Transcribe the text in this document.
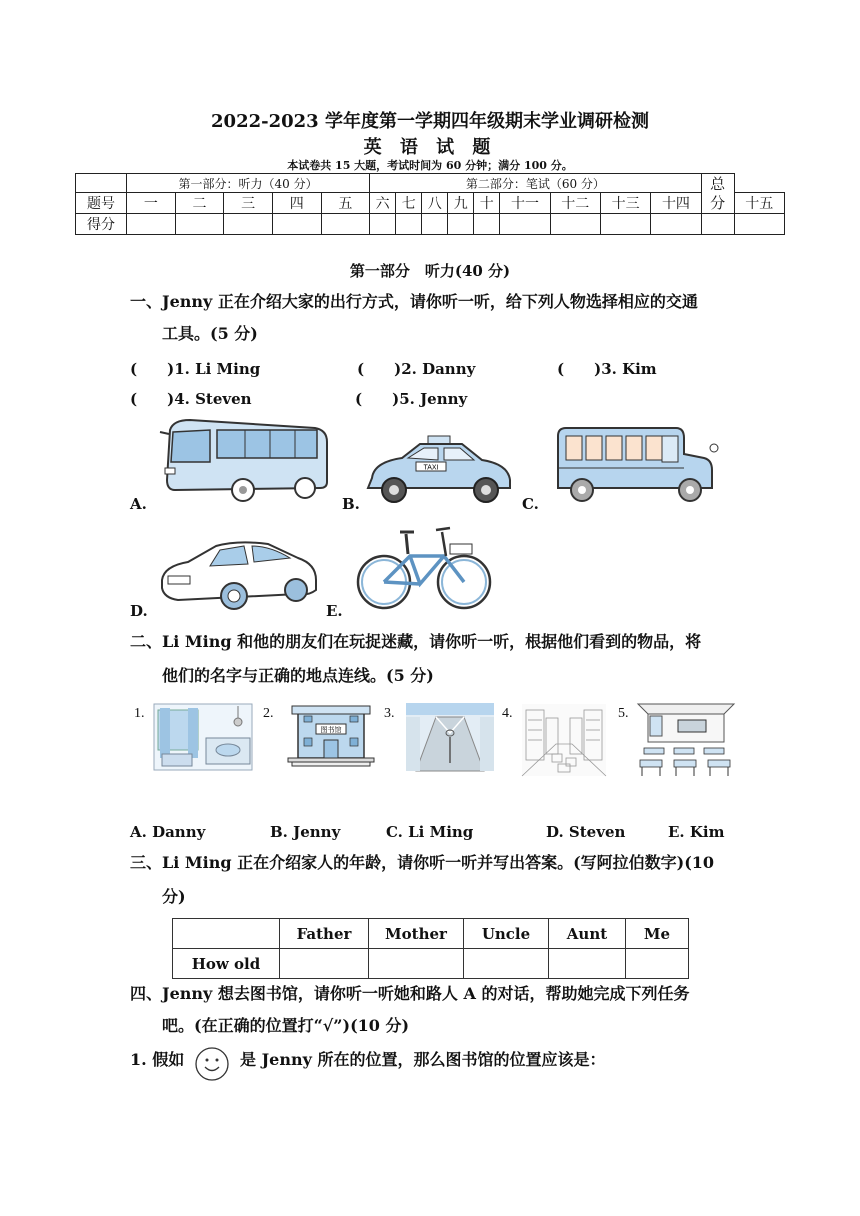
2022-2023 学年度第一学期四年级期末学业调研检测
英 语 试 题
本试卷共 15 大题，考试时间为 60 分钟；满分 100 分。
	第一部分：听力（40 分）					第二部分：笔试（60 分）									总
分	
题号	一	二	三	四	五	六	七	八	九	十	十一	十二	十三	十四		十五
得分																
第一部分　听力(40 分)
一、Jenny 正在介绍大家的出行方式，请你听一听，给下列人物选择相应的交通
工具。(5 分)
(　　)1. Li Ming	(　　)2. Danny	(　　)3. Kim
(　　)4. Steven	(　　)5. Jenny
A.
TAXI
B.	C.
D.	E.
二、Li Ming 和他的朋友们在玩捉迷藏，请你听一听，根据他们看到的物品，将
他们的名字与正确的地点连线。(5 分)
1.	2.
图书馆
3.	4.	5.
A. Danny	B. Jenny	C. Li Ming	D. Steven	E. Kim
三、Li Ming 正在介绍家人的年龄，请你听一听并写出答案。(写阿拉伯数字)(10
分)
	Father	Mother	Uncle	Aunt	Me
How old					
四、Jenny 想去图书馆，请你听一听她和路人 A 的对话，帮助她完成下列任务
吧。(在正确的位置打“√”)(10 分)
1. 假如	是 Jenny 所在的位置，那么图书馆的位置应该是：
